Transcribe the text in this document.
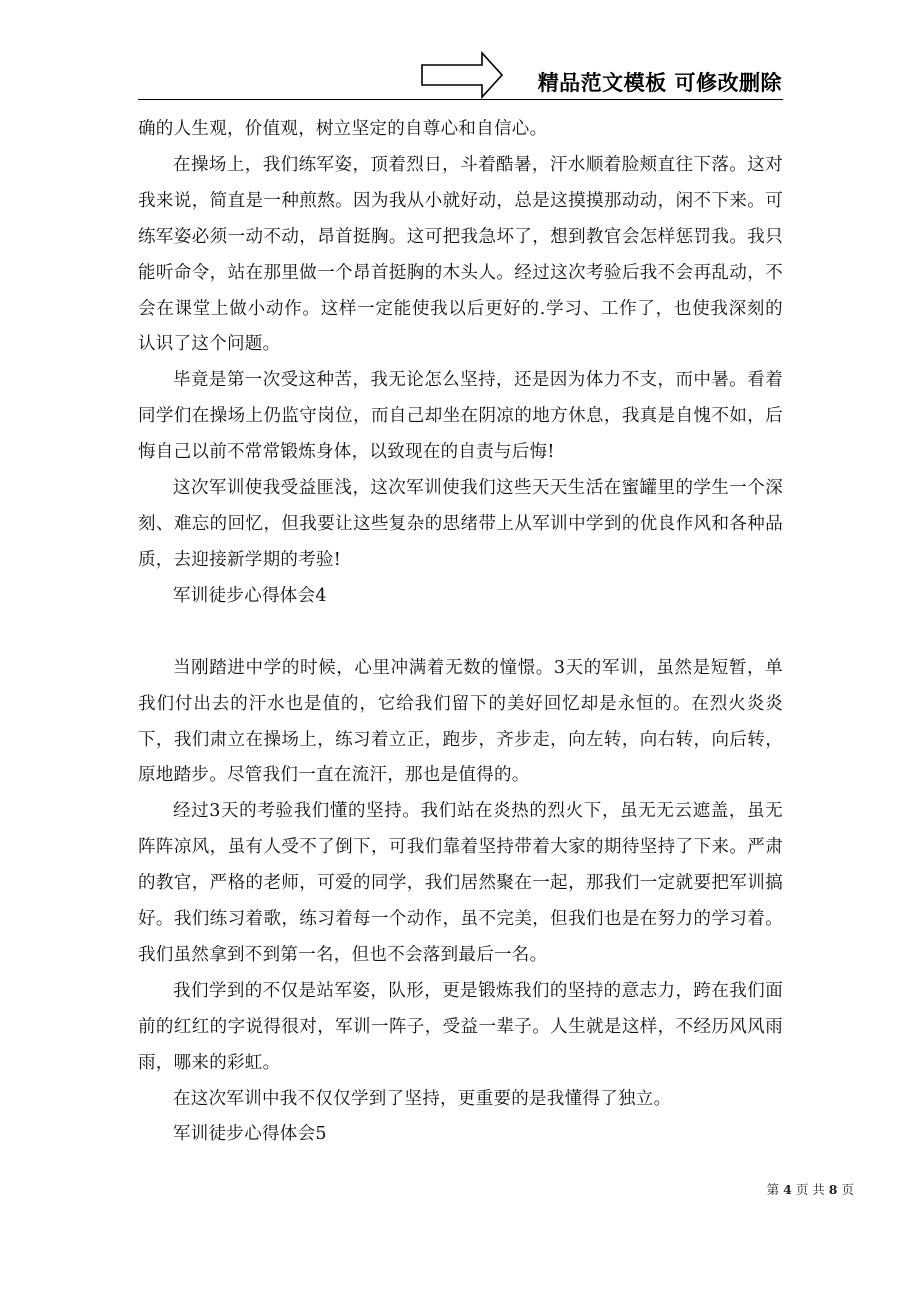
精品范文模板 可修改删除

确的人生观，价值观，树立坚定的自尊心和自信心。

在操场上，我们练军姿，顶着烈日，斗着酷暑，汗水顺着脸颊直往下落。这对我来说，简直是一种煎熬。因为我从小就好动，总是这摸摸那动动，闲不下来。可练军姿必须一动不动，昂首挺胸。这可把我急坏了，想到教官会怎样惩罚我。我只能听命令，站在那里做一个昂首挺胸的木头人。经过这次考验后我不会再乱动，不会在课堂上做小动作。这样一定能使我以后更好的.学习、工作了，也使我深刻的认识了这个问题。

毕竟是第一次受这种苦，我无论怎么坚持，还是因为体力不支，而中暑。看着同学们在操场上仍监守岗位，而自己却坐在阴凉的地方休息，我真是自愧不如，后悔自己以前不常常锻炼身体，以致现在的自责与后悔!

这次军训使我受益匪浅，这次军训使我们这些天天生活在蜜罐里的学生一个深刻、难忘的回忆，但我要让这些复杂的思绪带上从军训中学到的优良作风和各种品质，去迎接新学期的考验!

军训徒步心得体会4

当刚踏进中学的时候，心里冲满着无数的憧憬。3天的军训，虽然是短暂，单我们付出去的汗水也是值的，它给我们留下的美好回忆却是永恒的。在烈火炎炎下，我们肃立在操场上，练习着立正，跑步，齐步走，向左转，向右转，向后转，原地踏步。尽管我们一直在流汗，那也是值得的。

经过3天的考验我们懂的坚持。我们站在炎热的烈火下，虽无无云遮盖，虽无阵阵凉风，虽有人受不了倒下，可我们靠着坚持带着大家的期待坚持了下来。严肃的教官，严格的老师，可爱的同学，我们居然聚在一起，那我们一定就要把军训搞好。我们练习着歌，练习着每一个动作，虽不完美，但我们也是在努力的学习着。我们虽然拿到不到第一名，但也不会落到最后一名。

我们学到的不仅是站军姿，队形，更是锻炼我们的坚持的意志力，跨在我们面前的红红的字说得很对，军训一阵子，受益一辈子。人生就是这样，不经历风风雨雨，哪来的彩虹。

在这次军训中我不仅仅学到了坚持，更重要的是我懂得了独立。

军训徒步心得体会5

第 4 页 共 8 页
